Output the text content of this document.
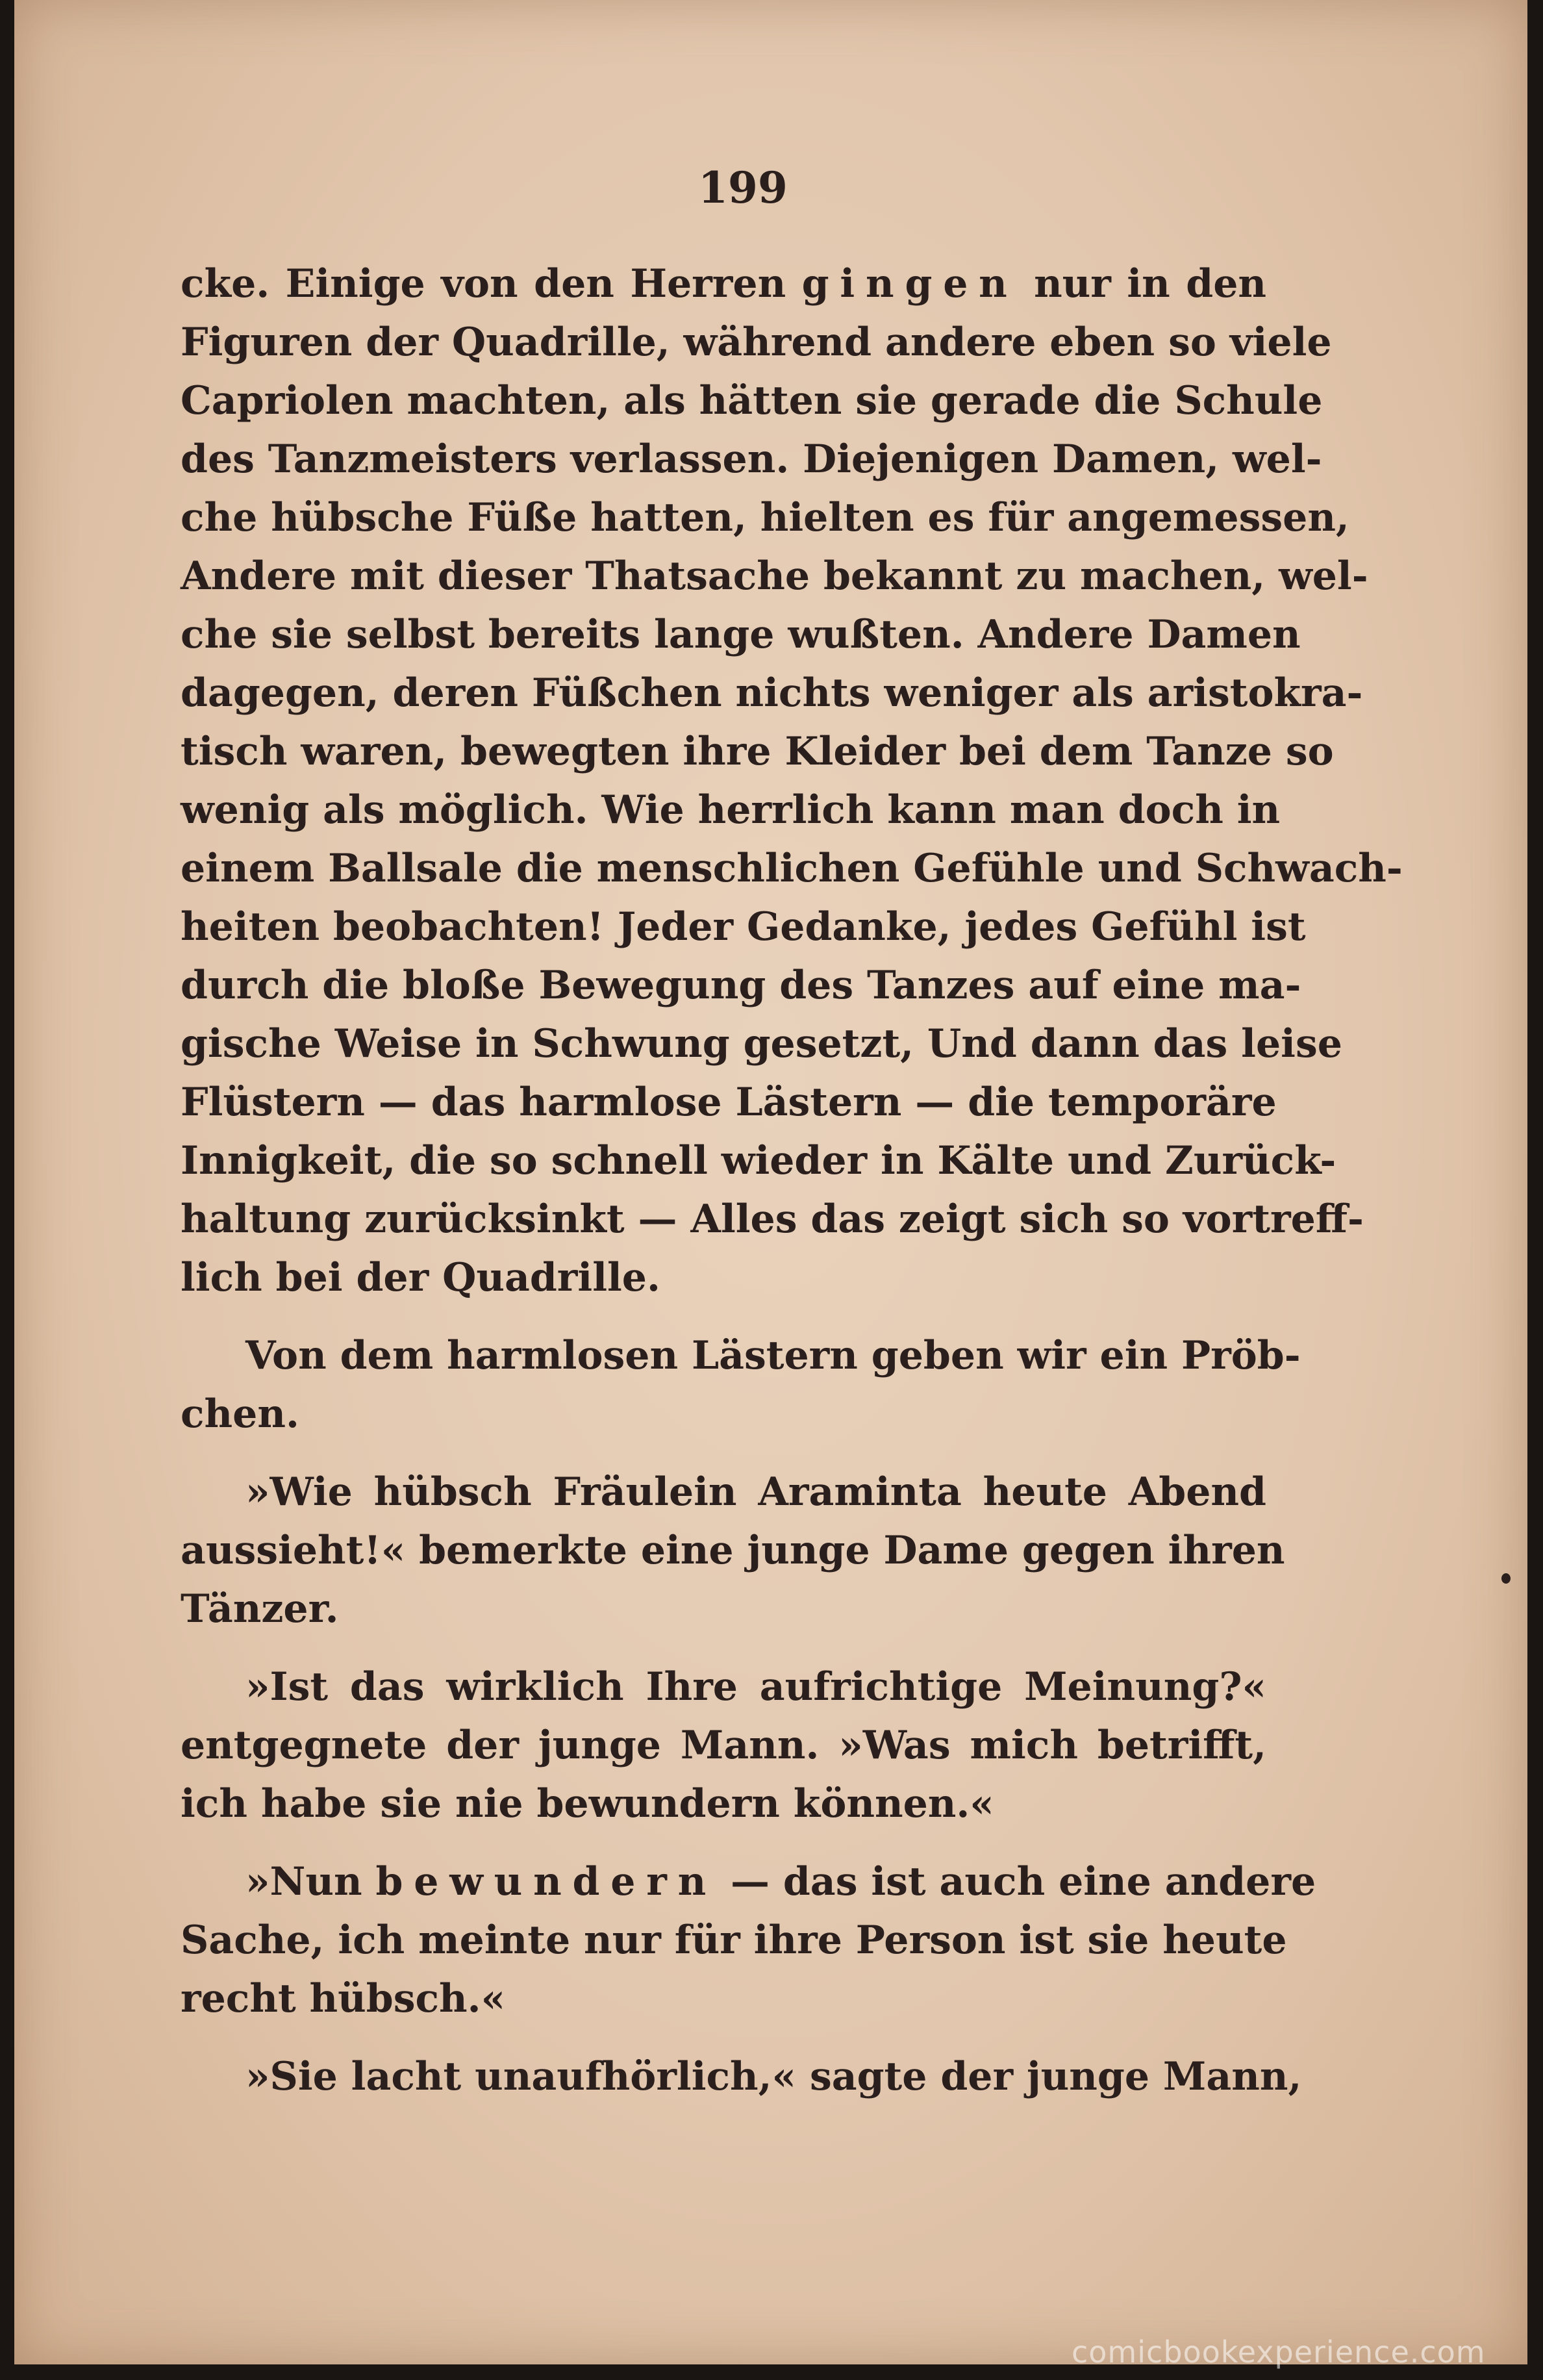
199
cke. Einige von den Herren gingen nur in den
Figuren der Quadrille, während andere eben so viele
Capriolen machten, als hätten sie gerade die Schule
des Tanzmeisters verlassen. Diejenigen Damen, wel-
che hübsche Füße hatten, hielten es für angemessen,
Andere mit dieser Thatsache bekannt zu machen, wel-
che sie selbst bereits lange wußten. Andere Damen
dagegen, deren Füßchen nichts weniger als aristokra-
tisch waren, bewegten ihre Kleider bei dem Tanze so
wenig als möglich. Wie herrlich kann man doch in
einem Ballsale die menschlichen Gefühle und Schwach-
heiten beobachten! Jeder Gedanke, jedes Gefühl ist
durch die bloße Bewegung des Tanzes auf eine ma-
gische Weise in Schwung gesetzt, Und dann das leise
Flüstern — das harmlose Lästern — die temporäre
Innigkeit, die so schnell wieder in Kälte und Zurück-
haltung zurücksinkt — Alles das zeigt sich so vortreff-
lich bei der Quadrille.
Von dem harmlosen Lästern geben wir ein Pröb-
chen.
»Wie hübsch Fräulein Araminta heute Abend
aussieht!« bemerkte eine junge Dame gegen ihren
Tänzer.
»Ist das wirklich Ihre aufrichtige Meinung?«
entgegnete der junge Mann. »Was mich betrifft,
ich habe sie nie bewundern können.«
»Nun bewundern — das ist auch eine andere
Sache, ich meinte nur für ihre Person ist sie heute
recht hübsch.«
»Sie lacht unaufhörlich,« sagte der junge Mann,
comicbookexperience.com
